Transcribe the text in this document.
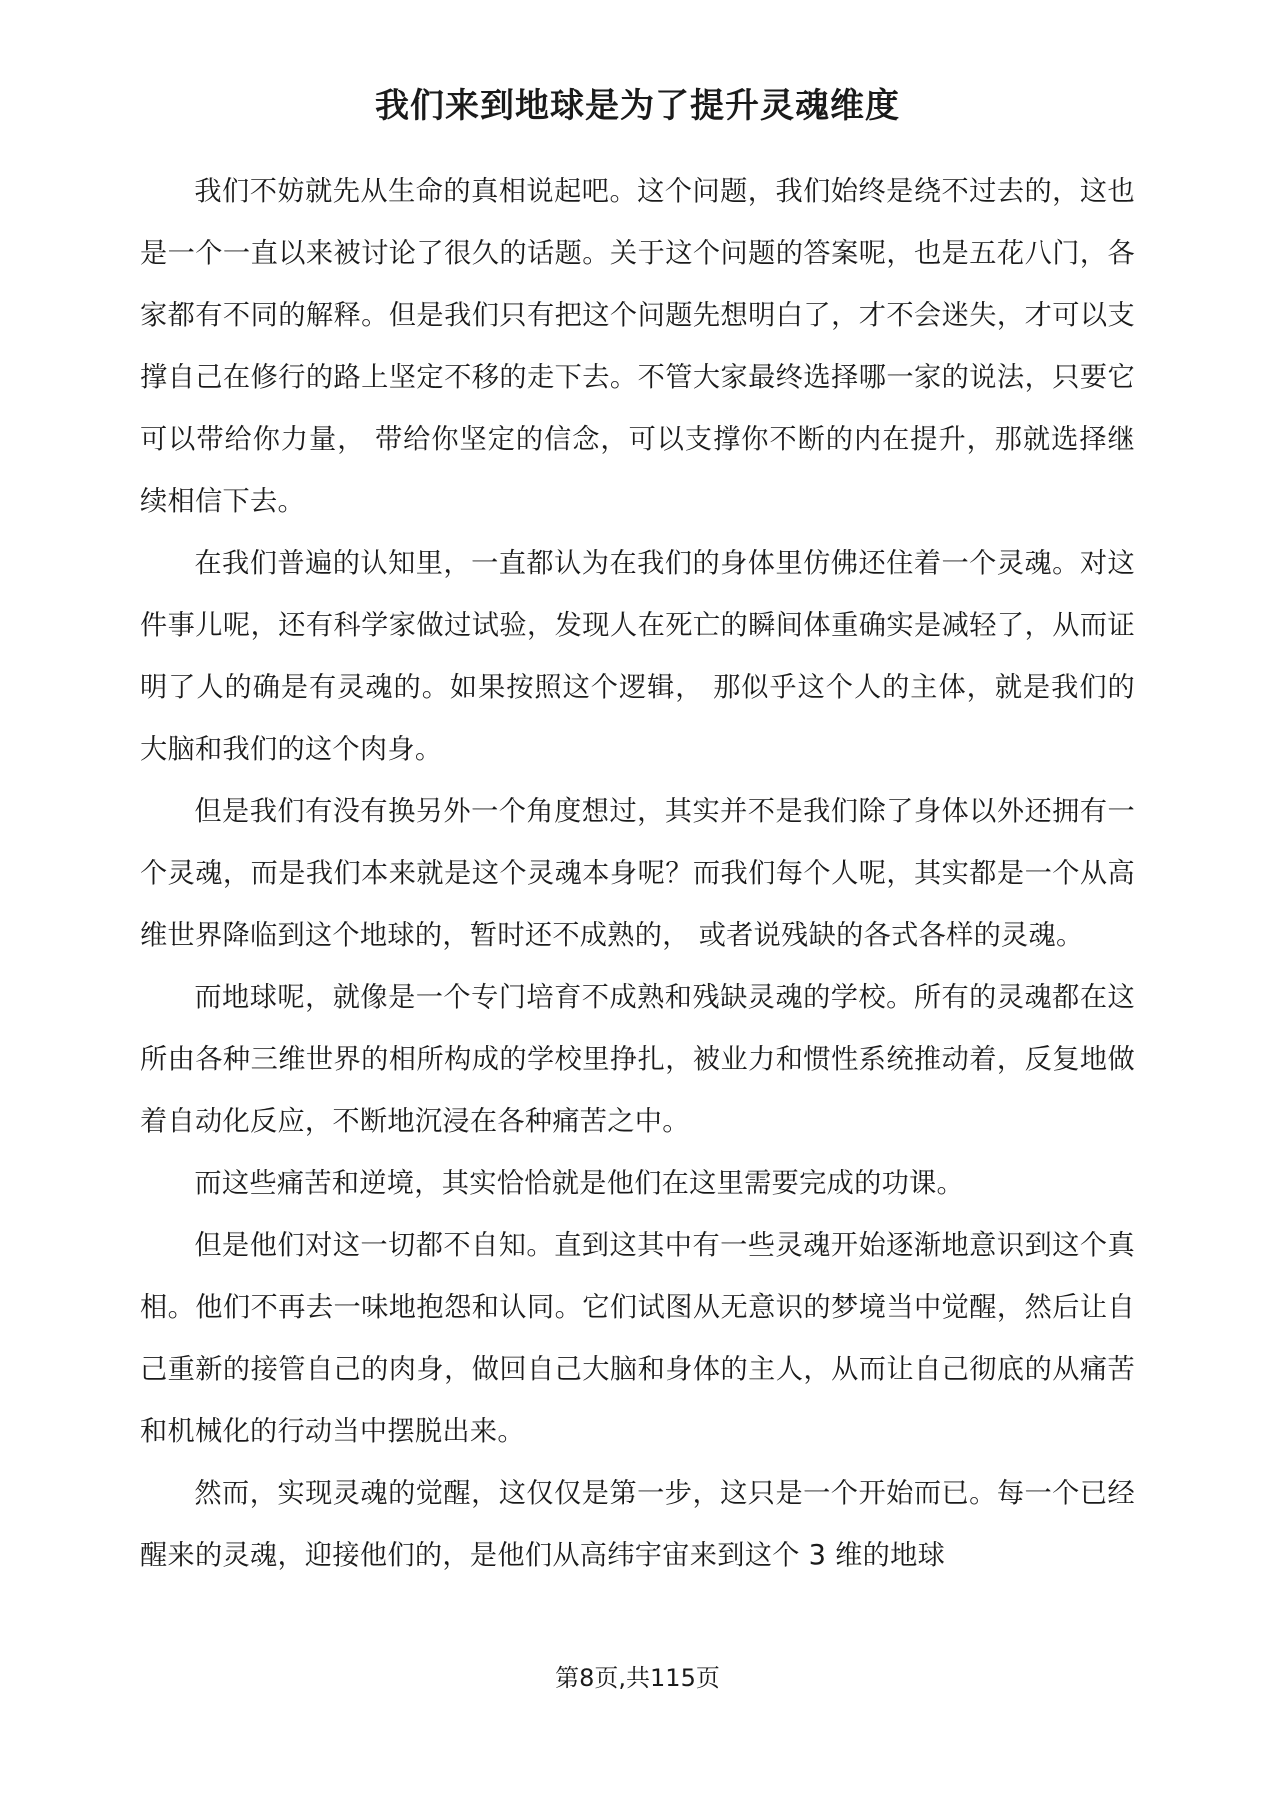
我们来到地球是为了提升灵魂维度

我们不妨就先从生命的真相说起吧。这个问题，我们始终是绕不过去的，这也是一个一直以来被讨论了很久的话题。关于这个问题的答案呢，也是五花八门，各家都有不同的解释。但是我们只有把这个问题先想明白了，才不会迷失，才可以支撑自己在修行的路上坚定不移的走下去。不管大家最终选择哪一家的说法，只要它可以带给你力量， 带给你坚定的信念，可以支撑你不断的内在提升，那就选择继续相信下去。

在我们普遍的认知里，一直都认为在我们的身体里仿佛还住着一个灵魂。对这件事儿呢，还有科学家做过试验，发现人在死亡的瞬间体重确实是减轻了，从而证明了人的确是有灵魂的。如果按照这个逻辑， 那似乎这个人的主体，就是我们的大脑和我们的这个肉身。

但是我们有没有换另外一个角度想过，其实并不是我们除了身体以外还拥有一个灵魂，而是我们本来就是这个灵魂本身呢？而我们每个人呢，其实都是一个从高维世界降临到这个地球的，暂时还不成熟的， 或者说残缺的各式各样的灵魂。

而地球呢，就像是一个专门培育不成熟和残缺灵魂的学校。所有的灵魂都在这所由各种三维世界的相所构成的学校里挣扎，被业力和惯性系统推动着，反复地做着自动化反应，不断地沉浸在各种痛苦之中。

而这些痛苦和逆境，其实恰恰就是他们在这里需要完成的功课。

但是他们对这一切都不自知。直到这其中有一些灵魂开始逐渐地意识到这个真相。他们不再去一味地抱怨和认同。它们试图从无意识的梦境当中觉醒，然后让自己重新的接管自己的肉身，做回自己大脑和身体的主人，从而让自己彻底的从痛苦和机械化的行动当中摆脱出来。

然而，实现灵魂的觉醒，这仅仅是第一步，这只是一个开始而已。每一个已经醒来的灵魂，迎接他们的，是他们从高纬宇宙来到这个 3 维的地球

第8页,共115页
